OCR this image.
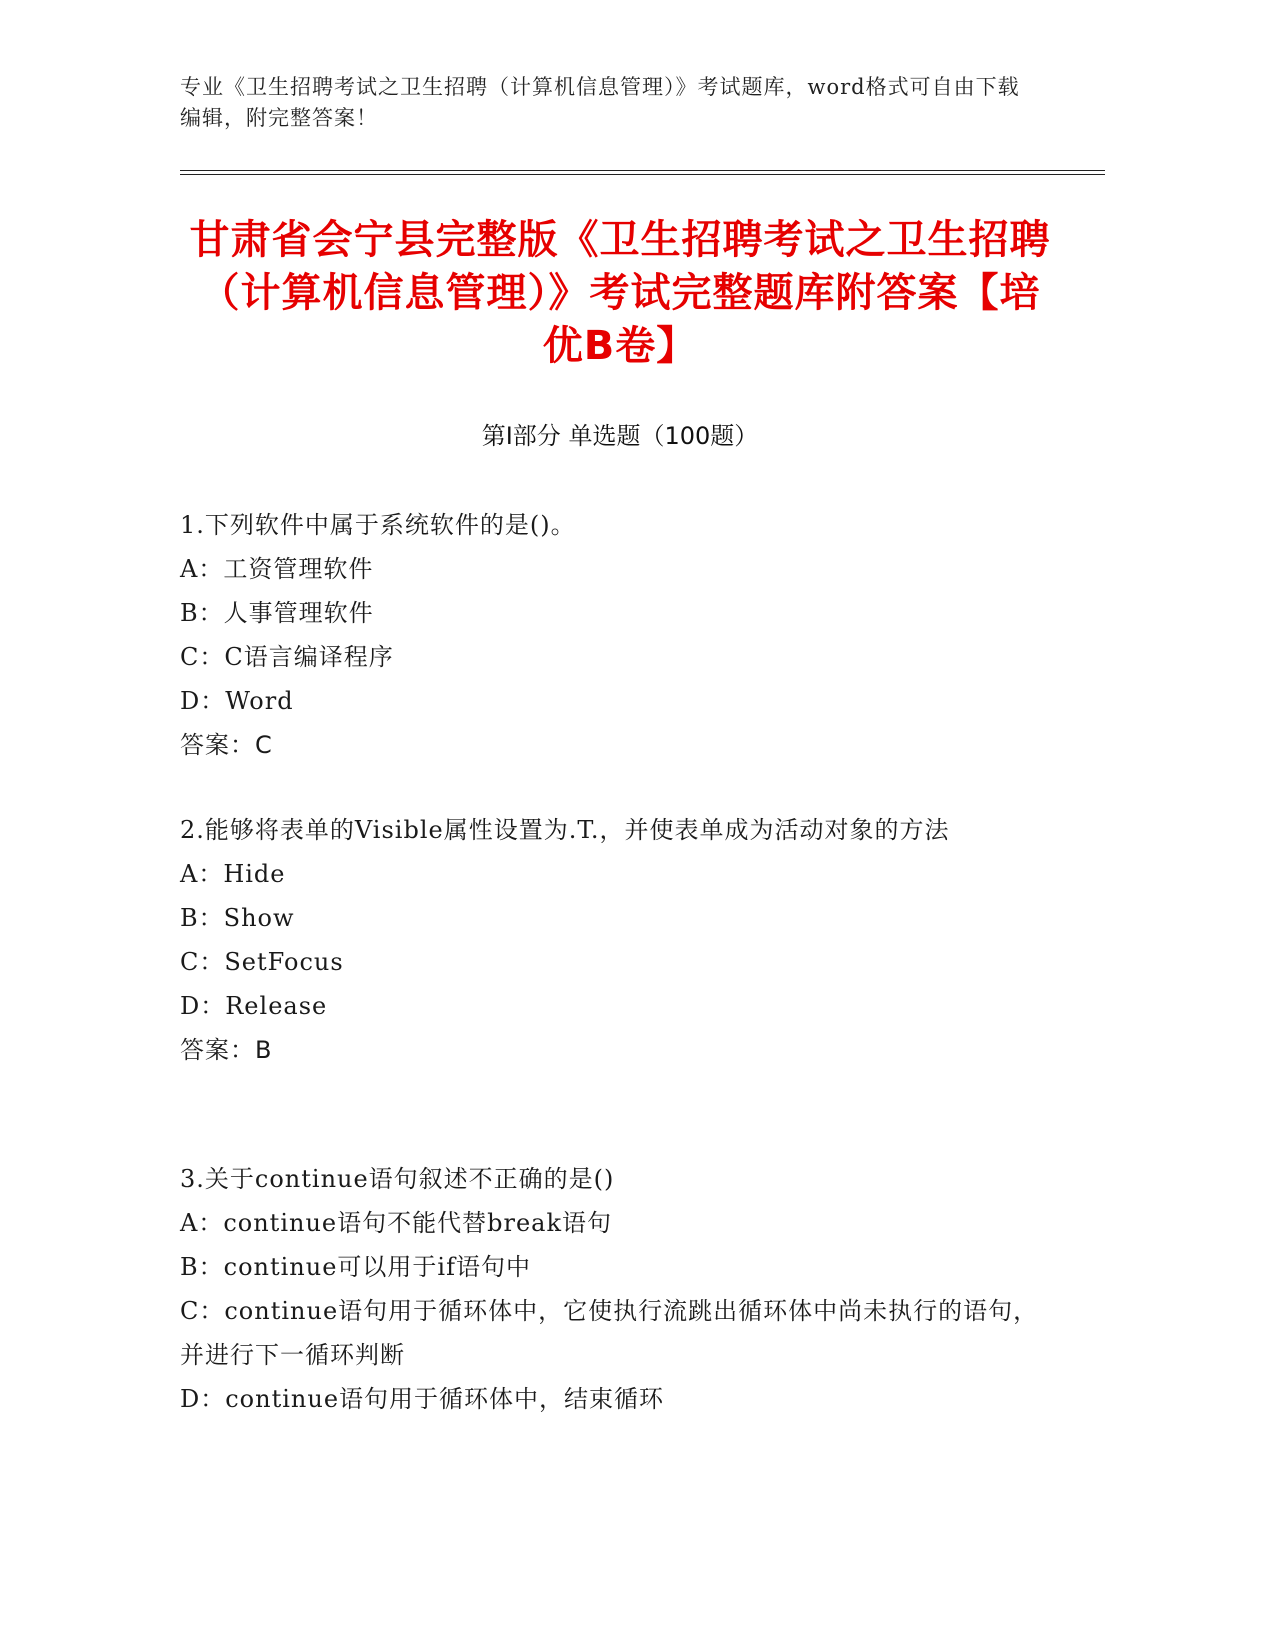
专业《卫生招聘考试之卫生招聘（计算机信息管理）》考试题库，word格式可自由下载编辑，附完整答案！
甘肃省会宁县完整版《卫生招聘考试之卫生招聘（计算机信息管理）》考试完整题库附答案【培优B卷】
第Ⅰ部分 单选题（100题）
1.下列软件中属于系统软件的是()。
A：工资管理软件
B：人事管理软件
C：C语言编译程序
D：Word
答案：C
2.能够将表单的Visible属性设置为.T.，并使表单成为活动对象的方法
A：Hide
B：Show
C：SetFocus
D：Release
答案：B
3.关于continue语句叙述不正确的是()
A：continue语句不能代替break语句
B：continue可以用于if语句中
C：continue语句用于循环体中，它使执行流跳出循环体中尚未执行的语句，并进行下一循环判断
D：continue语句用于循环体中，结束循环
